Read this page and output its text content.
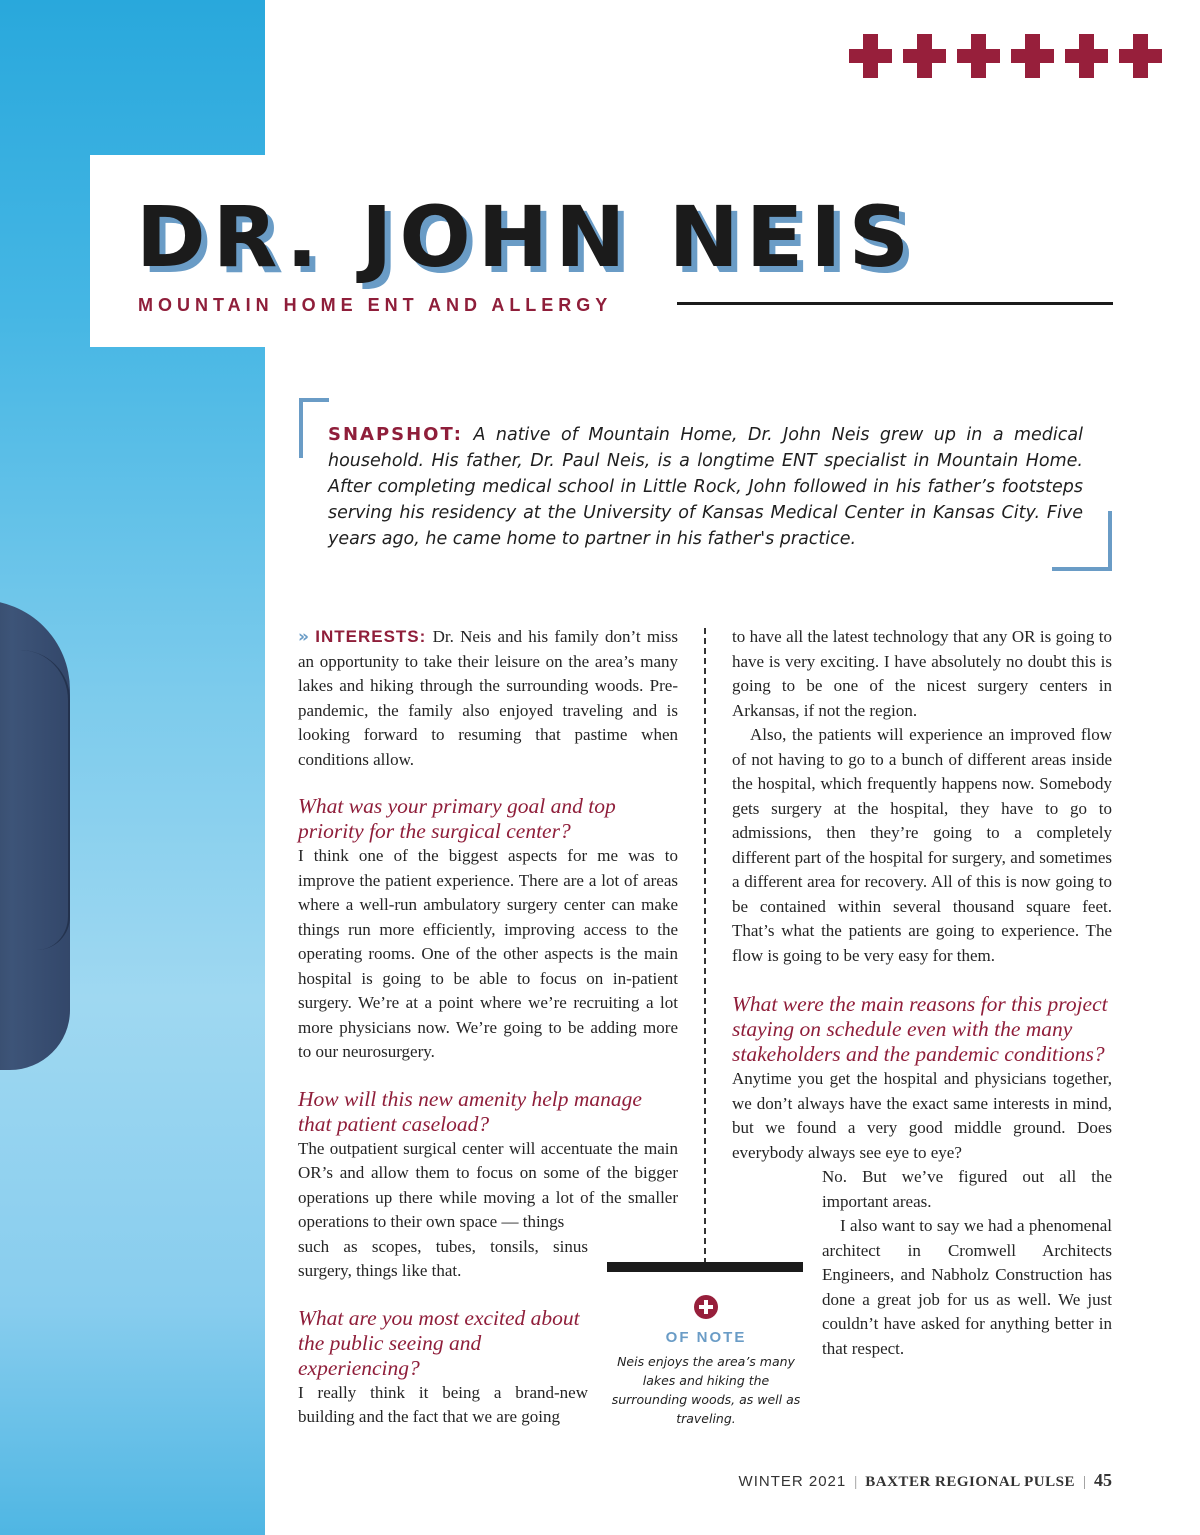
DR. JOHN NEIS
MOUNTAIN HOME ENT AND ALLERGY

SNAPSHOT: A native of Mountain Home, Dr. John Neis grew up in a medical household. His father, Dr. Paul Neis, is a longtime ENT specialist in Mountain Home. After completing medical school in Little Rock, John followed in his father’s footsteps serving his residency at the University of Kansas Medical Center in Kansas City. Five years ago, he came home to partner in his father's practice.

» INTERESTS: Dr. Neis and his family don’t miss an opportunity to take their leisure on the area’s many lakes and hiking through the surrounding woods. Pre-pandemic, the family also enjoyed traveling and is looking forward to resuming that pastime when conditions allow.

What was your primary goal and top priority for the surgical center?

I think one of the biggest aspects for me was to improve the patient experience. There are a lot of areas where a well-run ambulatory surgery center can make things run more efficiently, improving access to the operating rooms. One of the other aspects is the main hospital is going to be able to focus on in-patient surgery. We’re at a point where we’re recruiting a lot more physicians now. We’re going to be adding more to our neurosurgery.

How will this new amenity help manage that patient caseload?

The outpatient surgical center will accentuate the main OR’s and allow them to focus on some of the bigger operations up there while moving a lot of the smaller operations to their own space — things

such as scopes, tubes, tonsils, sinus surgery, things like that.

What are you most excited about the public seeing and experiencing?

I really think it being a brand-new building and the fact that we are going

to have all the latest technology that any OR is going to have is very exciting. I have absolutely no doubt this is going to be one of the nicest surgery centers in Arkansas, if not the region.

Also, the patients will experience an improved flow of not having to go to a bunch of different areas inside the hospital, which frequently happens now. Somebody gets surgery at the hospital, they have to go to admissions, then they’re going to a completely different part of the hospital for surgery, and sometimes a different area for recovery. All of this is now going to be contained within several thousand square feet. That’s what the patients are going to experience. The flow is going to be very easy for them.

What were the main reasons for this project staying on schedule even with the many stakeholders and the pandemic conditions?

Anytime you get the hospital and physicians together, we don’t always have the exact same interests in mind, but we found a very good middle ground. Does everybody always see eye to eye?

No. But we’ve figured out all the important areas.

I also want to say we had a phenomenal architect in Cromwell Architects Engineers, and Nabholz Construction has done a great job for us as well. We just couldn’t have asked for anything better in that respect.

OF NOTE
Neis enjoys the area’s many lakes and hiking the surrounding woods, as well as traveling.
WINTER 2021 | BAXTER REGIONAL PULSE | 45
